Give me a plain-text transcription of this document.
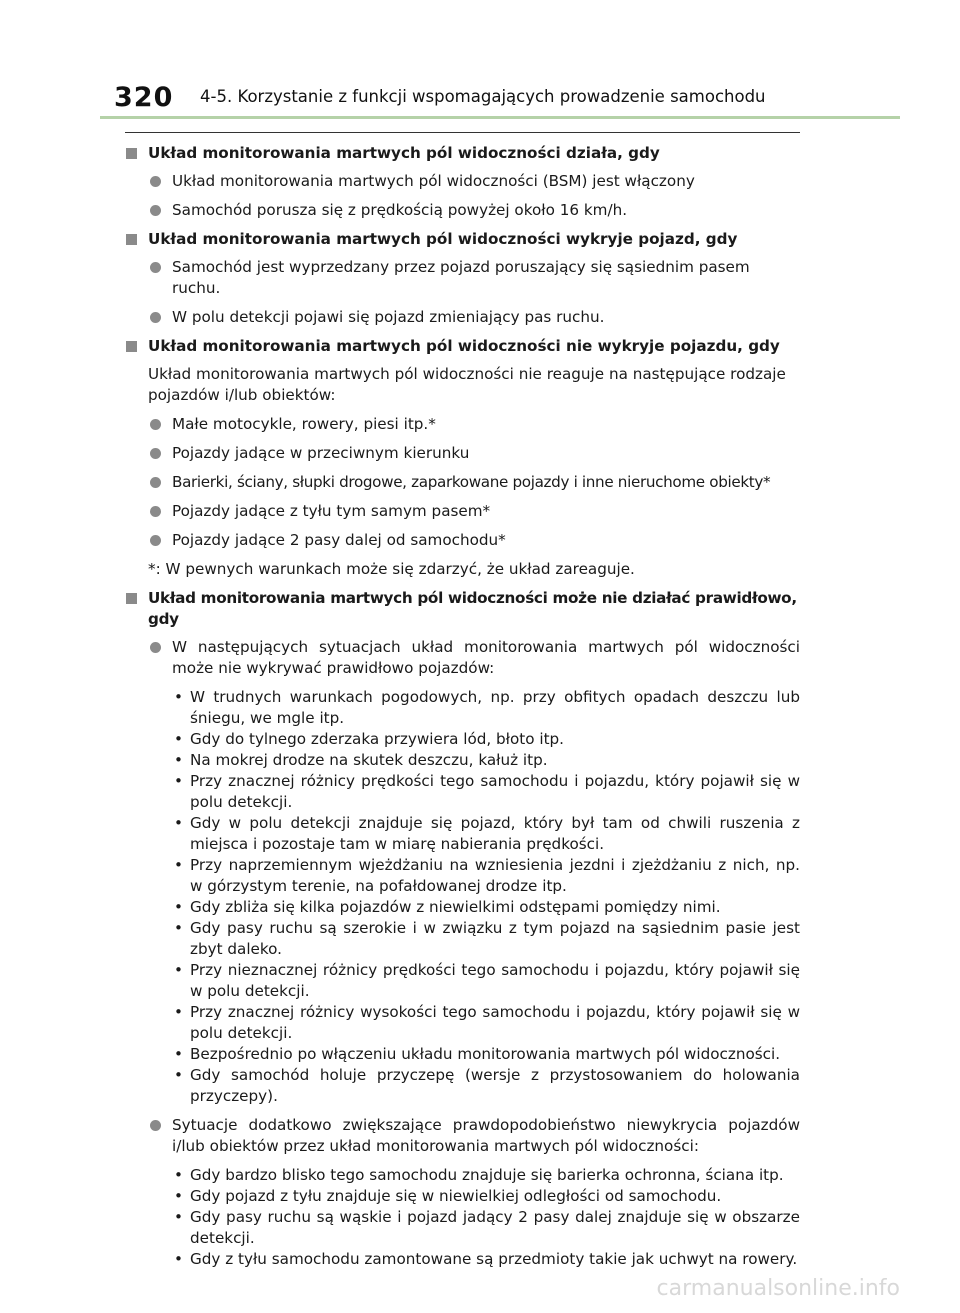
320 4-5. Korzystanie z funkcji wspomagających prowadzenie samochodu
Układ monitorowania martwych pól widoczności działa, gdy
Układ monitorowania martwych pól widoczności (BSM) jest włączony
Samochód porusza się z prędkością powyżej około 16 km/h.
Układ monitorowania martwych pól widoczności wykryje pojazd, gdy
Samochód jest wyprzedzany przez pojazd poruszający się sąsiednim pasem ruchu.
W polu detekcji pojawi się pojazd zmieniający pas ruchu.
Układ monitorowania martwych pól widoczności nie wykryje pojazdu, gdy
Układ monitorowania martwych pól widoczności nie reaguje na następujące rodzaje pojazdów i/lub obiektów:
Małe motocykle, rowery, piesi itp.*
Pojazdy jadące w przeciwnym kierunku
Barierki, ściany, słupki drogowe, zaparkowane pojazdy i inne nieruchome obiekty*
Pojazdy jadące z tyłu tym samym pasem*
Pojazdy jadące 2 pasy dalej od samochodu*
*: W pewnych warunkach może się zdarzyć, że układ zareaguje.
Układ monitorowania martwych pól widoczności może nie działać prawidłowo, gdy
W następujących sytuacjach układ monitorowania martwych pól widoczności może nie wykrywać prawidłowo pojazdów:
• W trudnych warunkach pogodowych, np. przy obfitych opadach deszczu lub śniegu, we mgle itp.
• Gdy do tylnego zderzaka przywiera lód, błoto itp.
• Na mokrej drodze na skutek deszczu, kałuż itp.
• Przy znacznej różnicy prędkości tego samochodu i pojazdu, który pojawił się w polu detekcji.
• Gdy w polu detekcji znajduje się pojazd, który był tam od chwili ruszenia z miejsca i pozostaje tam w miarę nabierania prędkości.
• Przy naprzemiennym wjeżdżaniu na wzniesienia jezdni i zjeżdżaniu z nich, np. w górzystym terenie, na pofałdowanej drodze itp.
• Gdy zbliża się kilka pojazdów z niewielkimi odstępami pomiędzy nimi.
• Gdy pasy ruchu są szerokie i w związku z tym pojazd na sąsiednim pasie jest zbyt daleko.
• Przy nieznacznej różnicy prędkości tego samochodu i pojazdu, który pojawił się w polu detekcji.
• Przy znacznej różnicy wysokości tego samochodu i pojazdu, który pojawił się w polu detekcji.
• Bezpośrednio po włączeniu układu monitorowania martwych pól widoczności.
• Gdy samochód holuje przyczepę (wersje z przystosowaniem do holowania przyczepy).
Sytuacje dodatkowo zwiększające prawdopodobieństwo niewykrycia pojazdów i/lub obiektów przez układ monitorowania martwych pól widoczności:
• Gdy bardzo blisko tego samochodu znajduje się barierka ochronna, ściana itp.
• Gdy pojazd z tyłu znajduje się w niewielkiej odległości od samochodu.
• Gdy pasy ruchu są wąskie i pojazd jadący 2 pasy dalej znajduje się w obszarze detekcji.
• Gdy z tyłu samochodu zamontowane są przedmioty takie jak uchwyt na rowery.
carmanualsonline.info
